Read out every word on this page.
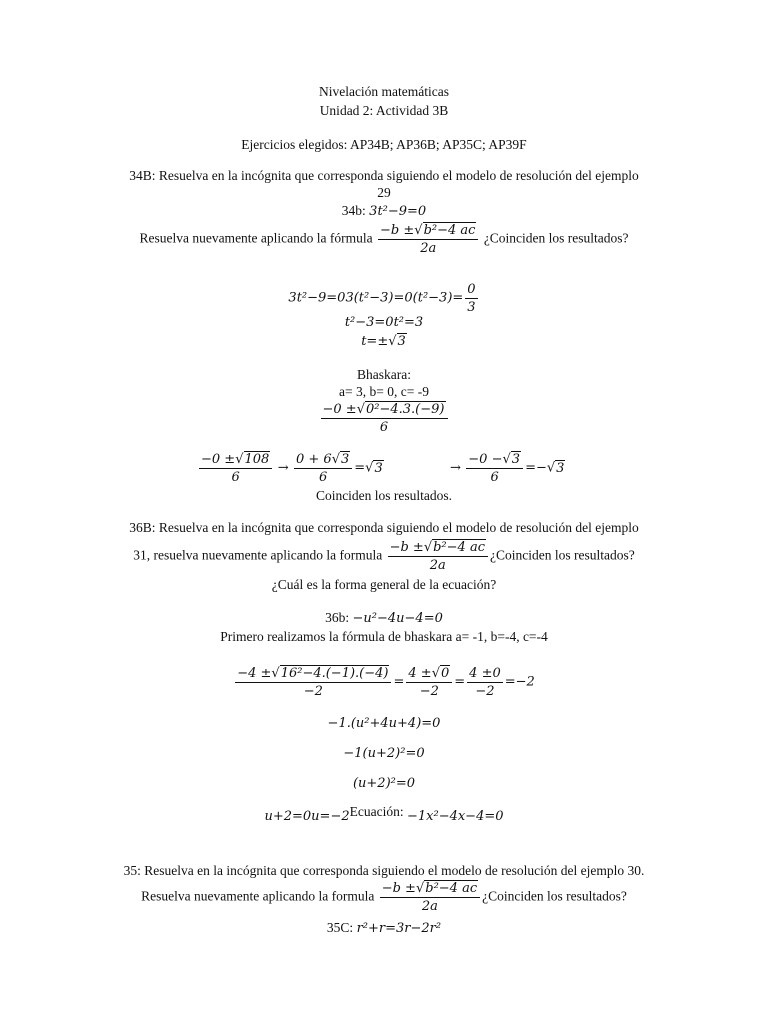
Nivelación matemáticas
Unidad 2: Actividad 3B
Ejercicios elegidos: AP34B; AP36B; AP35C; AP39F
34B: Resuelva en la incógnita que corresponda siguiendo el modelo de resolución del ejemplo
29
34b: 3t²−9=0
Resuelva nuevamente aplicando la fórmula $\frac{\text{−b ±√b²−4 ac}}{2a}$ ¿Coinciden los resultados?
$3t^2-9=03(t^2-3)=0(t^2-3)= \frac{0}{3}$
t²−3=0t²=3
t=±√3
Bhaskara:
a= 3, b= 0, c= -9
$\frac{\text{−0 ±√0²−4.3.(−9)}}{6}$
$\frac{-0 \pm√108}{6} \to \frac{0 + 6√3}{6} =√3$	→ $\frac{-0 -√3}{6} =-√3$
Coinciden los resultados.
36B: Resuelva en la incógnita que corresponda siguiendo el modelo de resolución del ejemplo
31, resuelva nuevamente aplicando la formula $\frac{\text{−b ±√b²−4 ac}}{2a}$ ¿Coinciden los resultados?
¿Cuál es la forma general de la ecuación?
36b: −u²−4u−4=0
Primero realizamos la fórmula de bhaskara a= -1, b=-4, c=-4
$\frac{\text{−4 ±√16²−4.(−1).(−4)}}{-2} = \frac{4 \pm√0}{-2} = \frac{4 \pm 0}{-2} =-2$
−1.(u²+4u+4)=0
−1(u+2)²=0
(u+2)²=0
u+2=0u=−2Ecuación: −1x²−4x−4=0
35: Resuelva en la incógnita que corresponda siguiendo el modelo de resolución del ejemplo 30.
Resuelva nuevamente aplicando la formula $\frac{\text{−b ±√b²−4 ac}}{2a}$ ¿Coinciden los resultados?
35C: r²+r=3r−2r²
